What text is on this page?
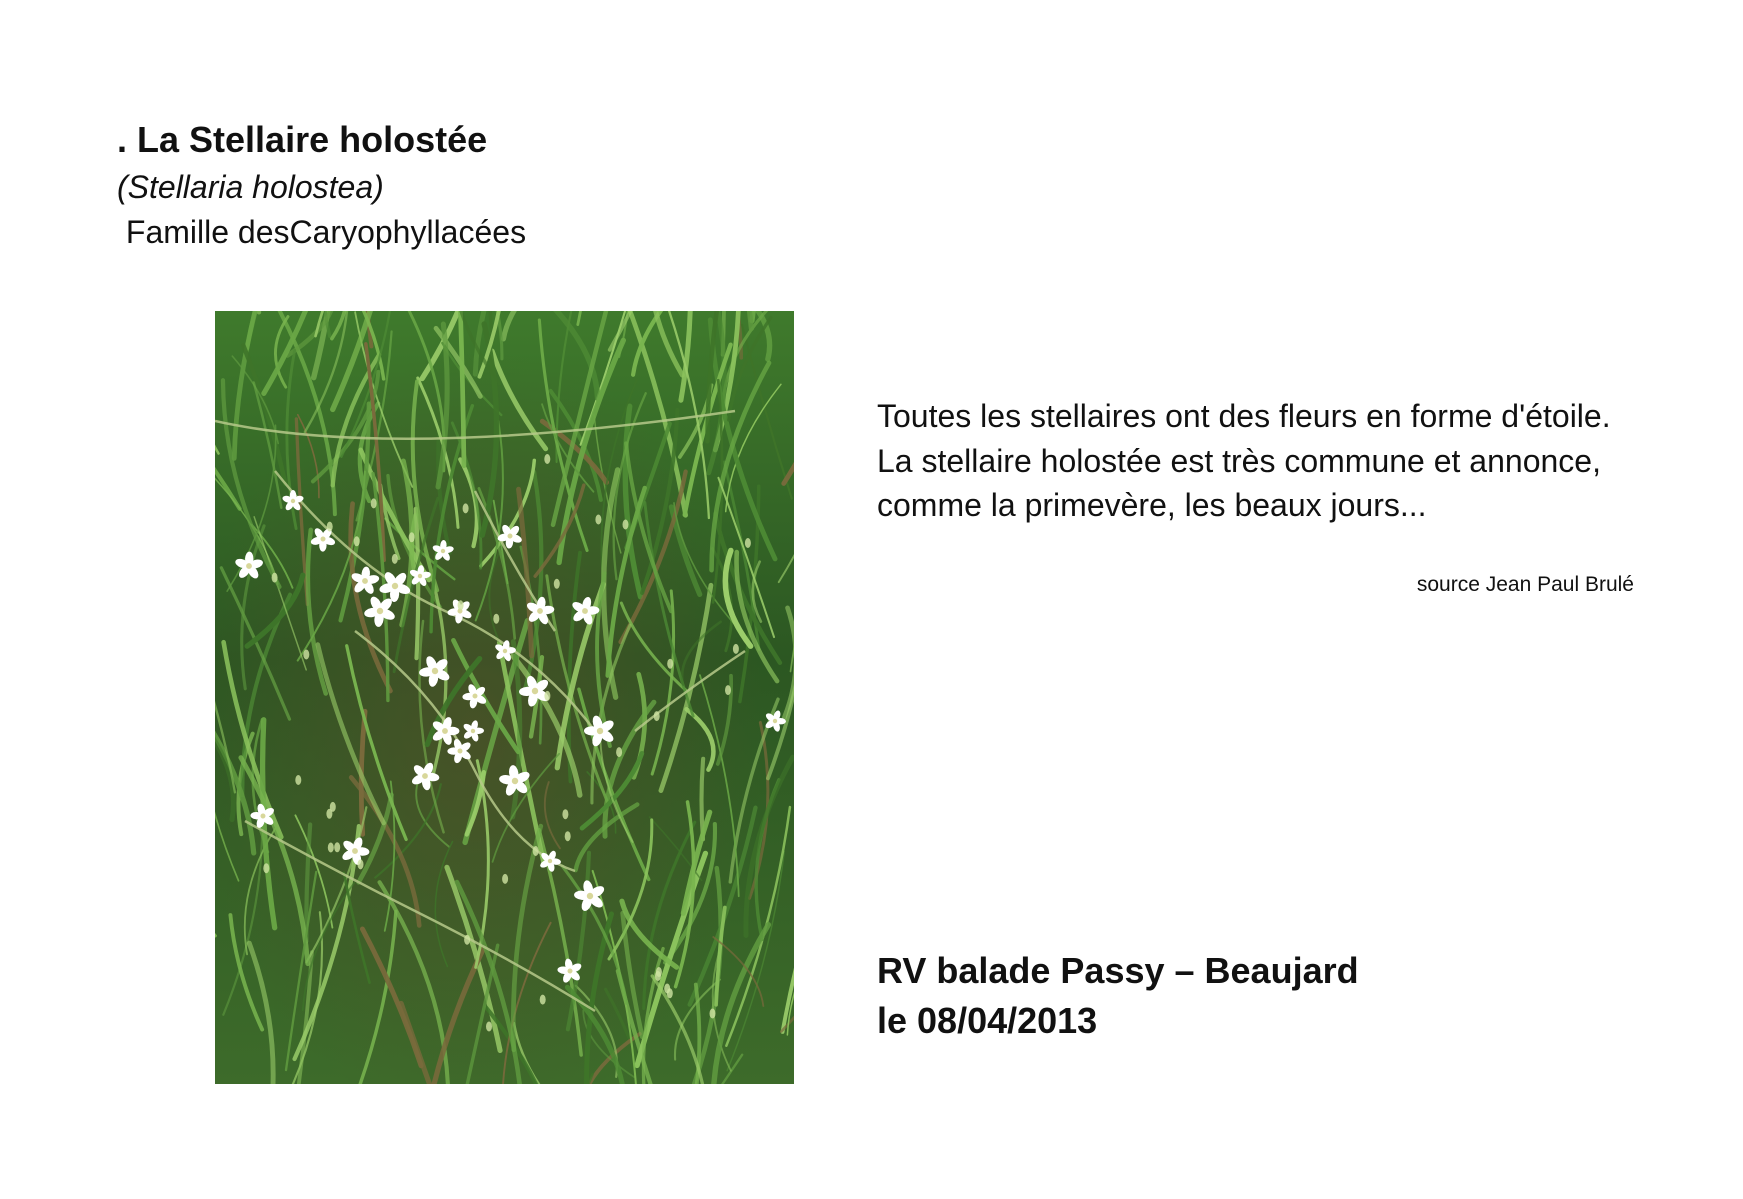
. La Stellaire holostée
(Stellaria holostea)
Famille desCaryophyllacées

Toutes les stellaires ont des fleurs en forme d'étoile.

La stellaire holostée est très commune et annonce, comme la primevère, les beaux jours...

source Jean Paul Brulé
RV balade Passy – Beaujard
le 08/04/2013
